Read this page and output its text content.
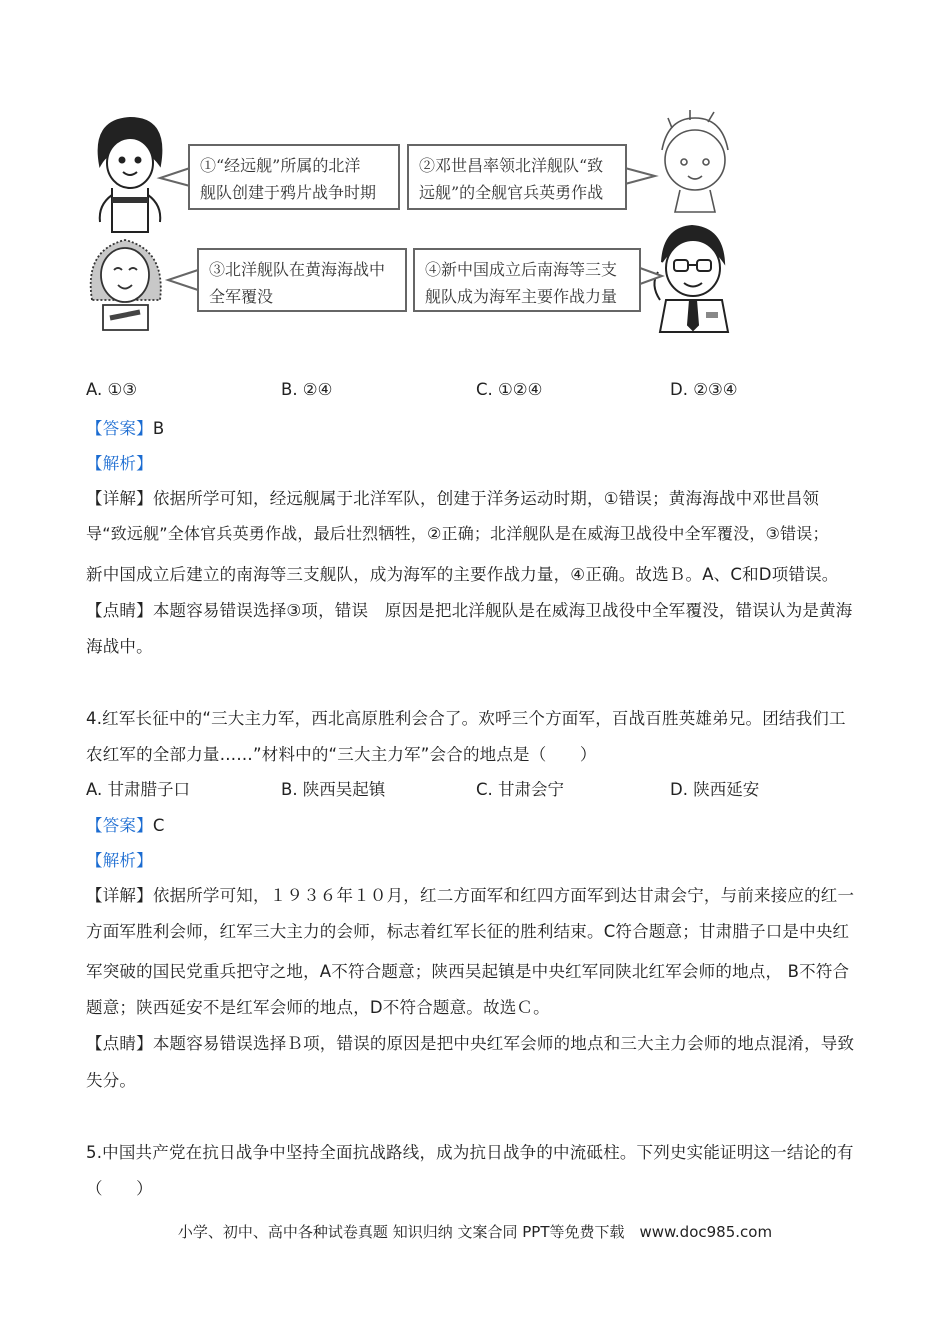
①“经远舰”所属的北洋
舰队创建于鸦片战争时期
②邓世昌率领北洋舰队“致
远舰”的全舰官兵英勇作战
③北洋舰队在黄海海战中
全军覆没
④新中国成立后南海等三支
舰队成为海军主要作战力量
A. ①③	B. ②④	C. ①②④	D. ②③④
【答案】B
【解析】
【详解】依据所学可知，经远舰属于北洋军队，创建于洋务运动时期，①错误；黄海海战中邓世昌领
导“致远舰”全体官兵英勇作战，最后壮烈牺牲，②正确；北洋舰队是在威海卫战役中全军覆没，③错误；
新中国成立后建立的南海等三支舰队，成为海军的主要作战力量，④正确。故选Ｂ。A、C和D项错误。
【点睛】本题容易错误选择③项，错误　原因是把北洋舰队是在威海卫战役中全军覆没，错误认为是黄海
海战中。
4.红军长征中的“三大主力军，西北高原胜利会合了。欢呼三个方面军，百战百胜英雄弟兄。团结我们工
农红军的全部力量……”材料中的“三大主力军”会合的地点是（　　）
A. 甘肃腊子口	B. 陕西吴起镇	C. 甘肃会宁	D. 陕西延安
【答案】C
【解析】
【详解】依据所学可知，１９３６年１０月，红二方面军和红四方面军到达甘肃会宁，与前来接应的红一
方面军胜利会师，红军三大主力的会师，标志着红军长征的胜利结束。C符合题意；甘肃腊子口是中央红
军突破的国民党重兵把守之地，A不符合题意；陕西吴起镇是中央红军同陕北红军会师的地点， B不符合
题意；陕西延安不是红军会师的地点，D不符合题意。故选Ｃ。
【点睛】本题容易错误选择Ｂ项，错误的原因是把中央红军会师的地点和三大主力会师的地点混淆，导致
失分。
5.中国共产党在抗日战争中坚持全面抗战路线，成为抗日战争的中流砥柱。下列史实能证明这一结论的有
（　　）
小学、初中、高中各种试卷真题 知识归纳 文案合同 PPT等免费下载　www.doc985.com
